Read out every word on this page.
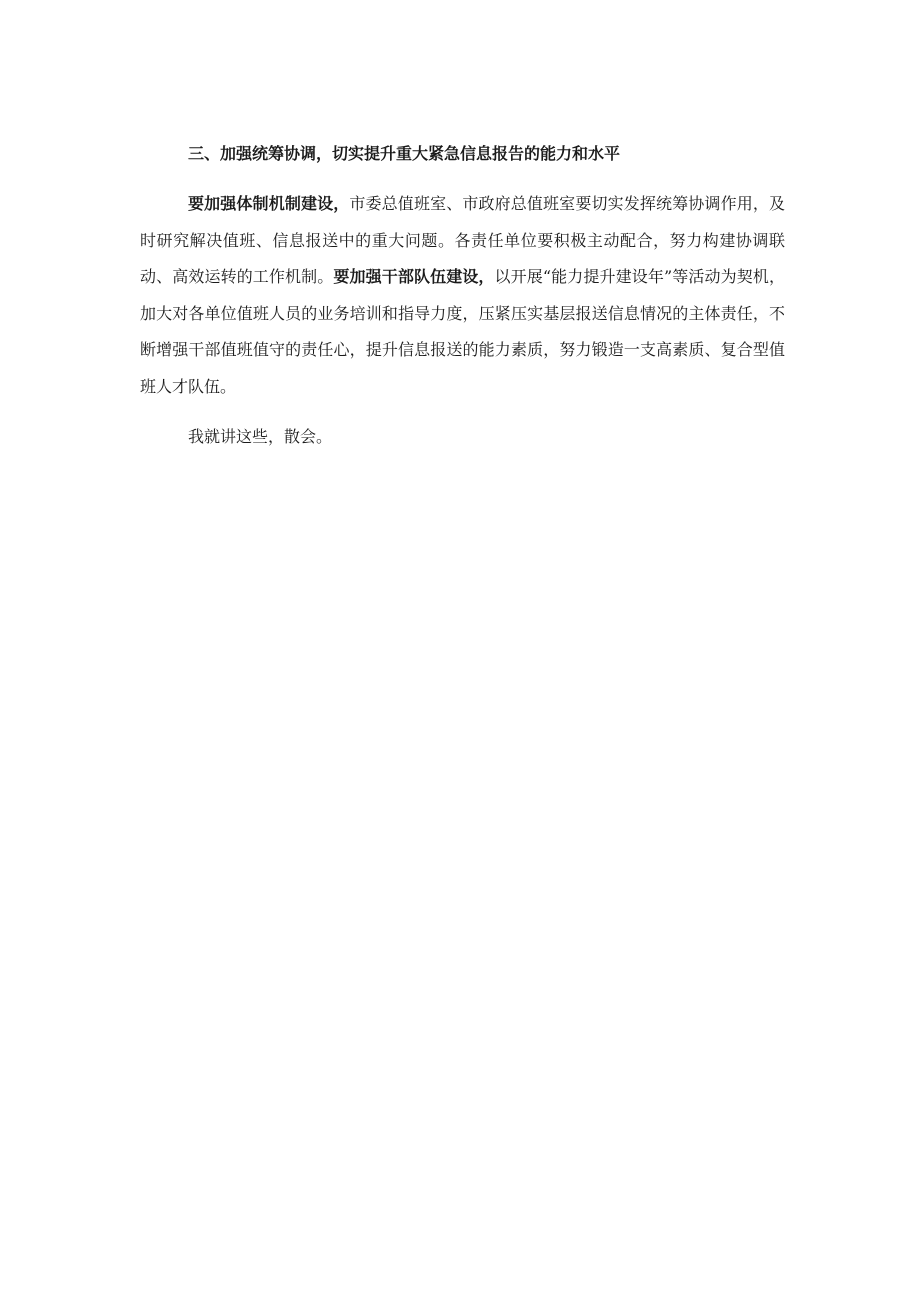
三、加强统筹协调，切实提升重大紧急信息报告的能力和水平

要加强体制机制建设，市委总值班室、市政府总值班室要切实发挥统筹协调作用，及时研究解决值班、信息报送中的重大问题。各责任单位要积极主动配合，努力构建协调联动、高效运转的工作机制。要加强干部队伍建设，以开展“能力提升建设年”等活动为契机，加大对各单位值班人员的业务培训和指导力度，压紧压实基层报送信息情况的主体责任，不断增强干部值班值守的责任心，提升信息报送的能力素质，努力锻造一支高素质、复合型值班人才队伍。

我就讲这些，散会。
